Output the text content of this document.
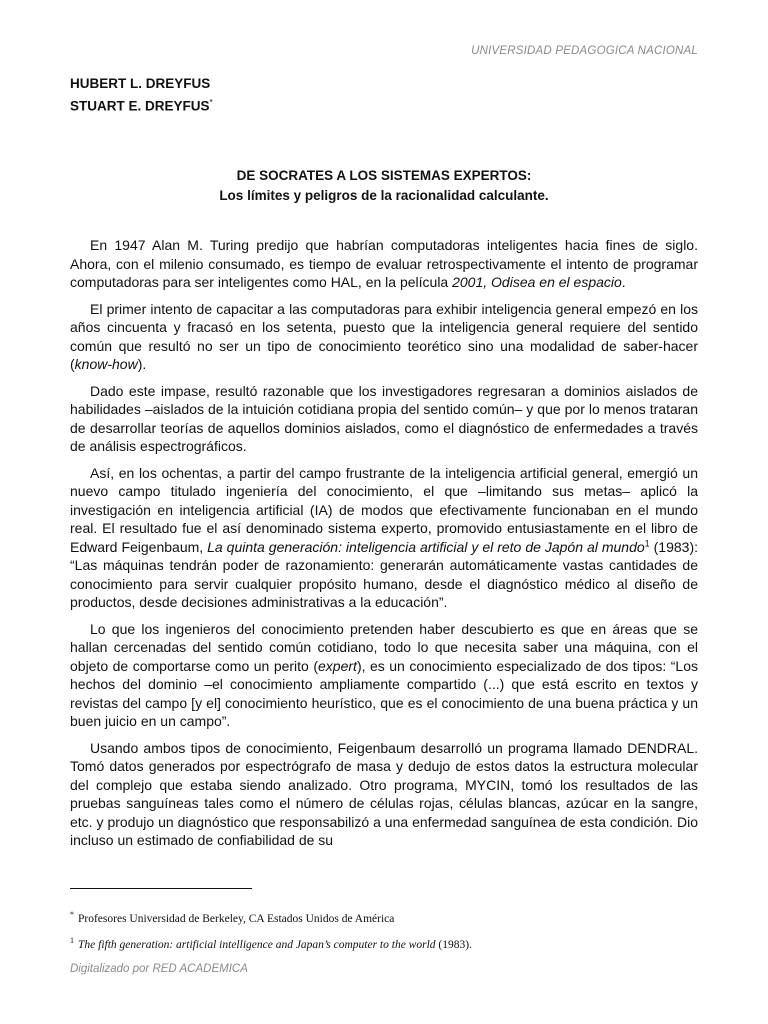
UNIVERSIDAD PEDAGOGICA NACIONAL
HUBERT L. DREYFUS
STUART E. DREYFUS*
DE SOCRATES A LOS SISTEMAS EXPERTOS:
Los límites y peligros de la racionalidad calculante.

En 1947 Alan M. Turing predijo que habrían computadoras inteligentes hacia fines de siglo. Ahora, con el milenio consumado, es tiempo de evaluar retrospectivamente el intento de programar computadoras para ser inteligentes como HAL, en la película 2001, Odisea en el espacio.

El primer intento de capacitar a las computadoras para exhibir inteligencia general empezó en los años cincuenta y fracasó en los setenta, puesto que la inteligencia general requiere del sentido común que resultó no ser un tipo de conocimiento teorético sino una modalidad de saber-hacer (know-how).

Dado este impase, resultó razonable que los investigadores regresaran a dominios aislados de habilidades –aislados de la intuición cotidiana propia del sentido común– y que por lo menos trataran de desarrollar teorías de aquellos dominios aislados, como el diagnóstico de enfermedades a través de análisis espectrográficos.

Así, en los ochentas, a partir del campo frustrante de la inteligencia artificial general, emergió un nuevo campo titulado ingeniería del conocimiento, el que –limitando sus metas– aplicó la investigación en inteligencia artificial (IA) de modos que efectivamente funcionaban en el mundo real. El resultado fue el así denominado sistema experto, promovido entusiastamente en el libro de Edward Feigenbaum, La quinta generación: inteligencia artificial y el reto de Japón al mundo$^1$ (1983): “Las máquinas tendrán poder de razonamiento: generarán automáticamente vastas cantidades de conocimiento para servir cualquier propósito humano, desde el diagnóstico médico al diseño de productos, desde decisiones administrativas a la educación”.

Lo que los ingenieros del conocimiento pretenden haber descubierto es que en áreas que se hallan cercenadas del sentido común cotidiano, todo lo que necesita saber una máquina, con el objeto de comportarse como un perito (expert), es un conocimiento especializado de dos tipos: “Los hechos del dominio –el conocimiento ampliamente compartido (...) que está escrito en textos y revistas del campo [y el] conocimiento heurístico, que es el conocimiento de una buena práctica y un buen juicio en un campo”.

Usando ambos tipos de conocimiento, Feigenbaum desarrolló un programa llamado DENDRAL. Tomó datos generados por espectrógrafo de masa y dedujo de estos datos la estructura molecular del complejo que estaba siendo analizado. Otro programa, MYCIN, tomó los resultados de las pruebas sanguíneas tales como el número de células rojas, células blancas, azúcar en la sangre, etc. y produjo un diagnóstico que responsabilizó a una enfermedad sanguínea de esta condición. Dio incluso un estimado de confiabilidad de su

* Profesores Universidad de Berkeley, CA Estados Unidos de América
$^1$ The fifth generation: artificial intelligence and Japan’s computer to the world (1983).
Digitalizado por RED ACADEMICA
